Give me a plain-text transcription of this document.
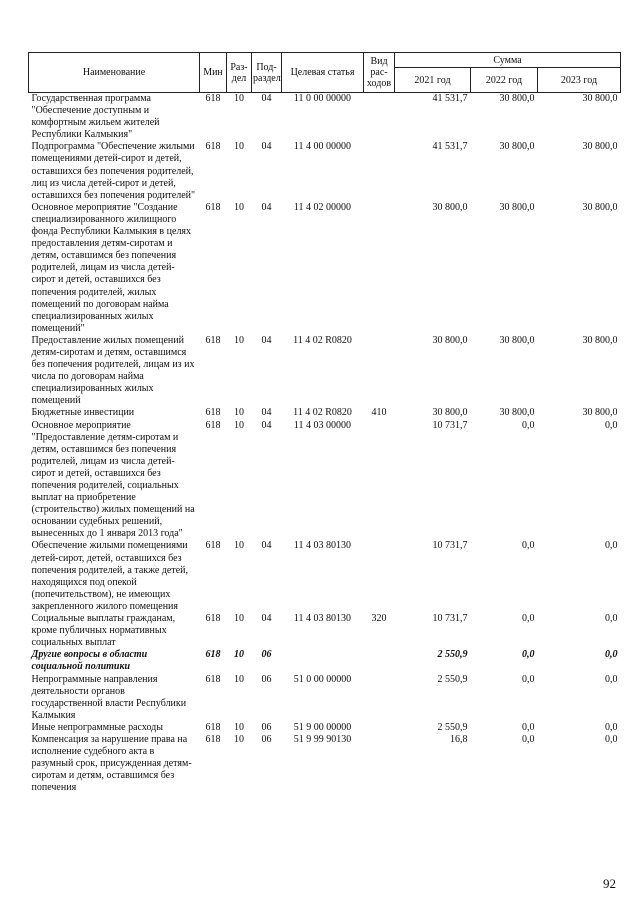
Наименование	Мин	Раз-дел	Под-раздел	Целевая статья	Вид рас-ходов	Сумма		
						2021 год	2022 год	2023 год
Государственная программа "Обеспечение доступным и комфортным жильем жителей Республики Калмыкия"	618	10	04	11 0 00 00000		41 531,7	30 800,0	30 800,0
Подпрограмма "Обеспечение жилыми помещениями детей-сирот и детей, оставшихся без попечения родителей, лиц из числа детей-сирот и детей, оставшихся без попечения родителей"	618	10	04	11 4 00 00000		41 531,7	30 800,0	30 800,0
Основное мероприятие "Создание специализированного жилищного фонда Республики Калмыкия в целях предоставления детям-сиротам и детям, оставшимся без попечения родителей, лицам из числа детей-сирот и детей, оставшихся без попечения родителей, жилых помещений по договорам найма специализированных жилых помещений"	618	10	04	11 4 02 00000		30 800,0	30 800,0	30 800,0
Предоставление жилых помещений детям-сиротам и детям, оставшимся без попечения родителей, лицам из их числа по договорам найма специализированных жилых помещений	618	10	04	11 4 02 R0820		30 800,0	30 800,0	30 800,0
Бюджетные инвестиции	618	10	04	11 4 02 R0820	410	30 800,0	30 800,0	30 800,0
Основное мероприятие "Предоставление детям-сиротам и детям, оставшимся без попечения родителей, лицам из числа детей-сирот и детей, оставшихся без попечения родителей, социальных выплат на приобретение (строительство) жилых помещений на основании судебных решений, вынесенных до 1 января 2013 года"	618	10	04	11 4 03 00000		10 731,7	0,0	0,0
Обеспечение жилыми помещениями детей-сирот, детей, оставшихся без попечения родителей, а также детей, находящихся под опекой (попечительством), не имеющих закрепленного жилого помещения	618	10	04	11 4 03 80130		10 731,7	0,0	0,0
Социальные выплаты гражданам, кроме публичных нормативных социальных выплат	618	10	04	11 4 03 80130	320	10 731,7	0,0	0,0
Другие вопросы в области социальной политики	618	10	06			2 550,9	0,0	0,0
Непрограммные направления деятельности органов государственной власти Республики Калмыкия	618	10	06	51 0 00 00000		2 550,9	0,0	0,0
Иные непрограммные расходы	618	10	06	51 9 00 00000		2 550,9	0,0	0,0
Компенсация за нарушение права на исполнение судебного акта в разумный срок, присужденная детям-сиротам и детям, оставшимся без попечения	618	10	06	51 9 99 90130		16,8	0,0	0,0
92
